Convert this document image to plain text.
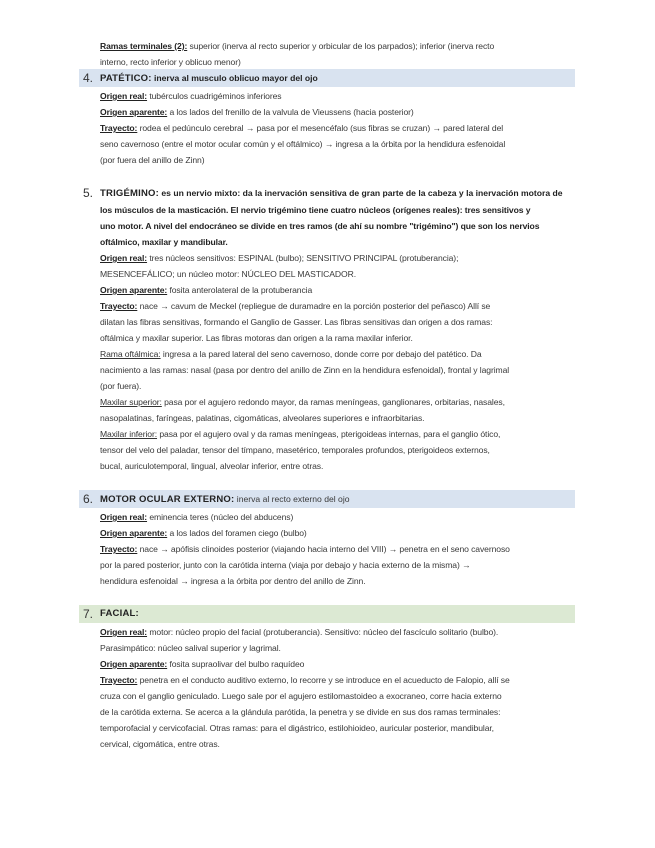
Ramas terminales (2): superior (inerva al recto superior y orbicular de los parpados); inferior (inerva recto
interno, recto inferior y oblicuo menor)
4. PATÉTICO: inerva al musculo oblicuo mayor del ojo
Origen real: tubérculos cuadrigéminos inferiores
Origen aparente: a los lados del frenillo de la valvula de Vieussens (hacia posterior)
Trayecto: rodea el pedúnculo cerebral → pasa por el mesencéfalo (sus fibras se cruzan) → pared lateral del
seno cavernoso (entre el motor ocular común y el oftálmico) → ingresa a la órbita por la hendidura esfenoidal
(por fuera del anillo de Zinn)
5. TRIGÉMINO: es un nervio mixto: da la inervación sensitiva de gran parte de la cabeza y la inervación motora de
los músculos de la masticación. El nervio trigémino tiene cuatro núcleos (orígenes reales): tres sensitivos y
uno motor. A nivel del endocráneo se divide en tres ramos (de ahí su nombre "trigémino") que son los nervios
oftálmico, maxilar y mandibular.
Origen real: tres núcleos sensitivos: ESPINAL (bulbo); SENSITIVO PRINCIPAL (protuberancia);
MESENCEFÁLICO; un núcleo motor: NÚCLEO DEL MASTICADOR.
Origen aparente: fosita anterolateral de la protuberancia
Trayecto: nace → cavum de Meckel (repliegue de duramadre en la porción posterior del peñasco) Allí se
dilatan las fibras sensitivas, formando el Ganglio de Gasser. Las fibras sensitivas dan origen a dos ramas:
oftálmica y maxilar superior. Las fibras motoras dan origen a la rama maxilar inferior.
Rama oftálmica: ingresa a la pared lateral del seno cavernoso, donde corre por debajo del patético. Da
nacimiento a las ramas: nasal (pasa por dentro del anillo de Zinn en la hendidura esfenoidal), frontal y lagrimal
(por fuera).
Maxilar superior: pasa por el agujero redondo mayor, da ramas meníngeas, ganglionares, orbitarias, nasales,
nasopalatinas, faríngeas, palatinas, cigomáticas, alveolares superiores e infraorbitarias.
Maxilar inferior: pasa por el agujero oval y da ramas meníngeas, pterigoideas internas, para el ganglio ótico,
tensor del velo del paladar, tensor del tímpano, masetérico, temporales profundos, pterigoideos externos,
bucal, auriculotemporal, lingual, alveolar inferior, entre otras.
6. MOTOR OCULAR EXTERNO: inerva al recto externo del ojo
Origen real: eminencia teres (núcleo del abducens)
Origen aparente: a los lados del foramen ciego (bulbo)
Trayecto: nace → apófisis clinoides posterior (viajando hacia interno del VIII) → penetra en el seno cavernoso
por la pared posterior, junto con la carótida interna (viaja por debajo y hacia externo de la misma) →
hendidura esfenoidal → ingresa a la órbita por dentro del anillo de Zinn.
7. FACIAL:
Origen real: motor: núcleo propio del facial (protuberancia). Sensitivo: núcleo del fascículo solitario (bulbo).
Parasimpático: núcleo salival superior y lagrimal.
Origen aparente: fosita supraolivar del bulbo raquídeo
Trayecto: penetra en el conducto auditivo externo, lo recorre y se introduce en el acueducto de Falopio, allí se
cruza con el ganglio geniculado. Luego sale por el agujero estilomastoideo a exocraneo, corre hacia externo
de la carótida externa. Se acerca a la glándula parótida, la penetra y se divide en sus dos ramas terminales:
temporofacial y cervicofacial. Otras ramas: para el digástrico, estilohioideo, auricular posterior, mandibular,
cervical, cigomática, entre otras.
